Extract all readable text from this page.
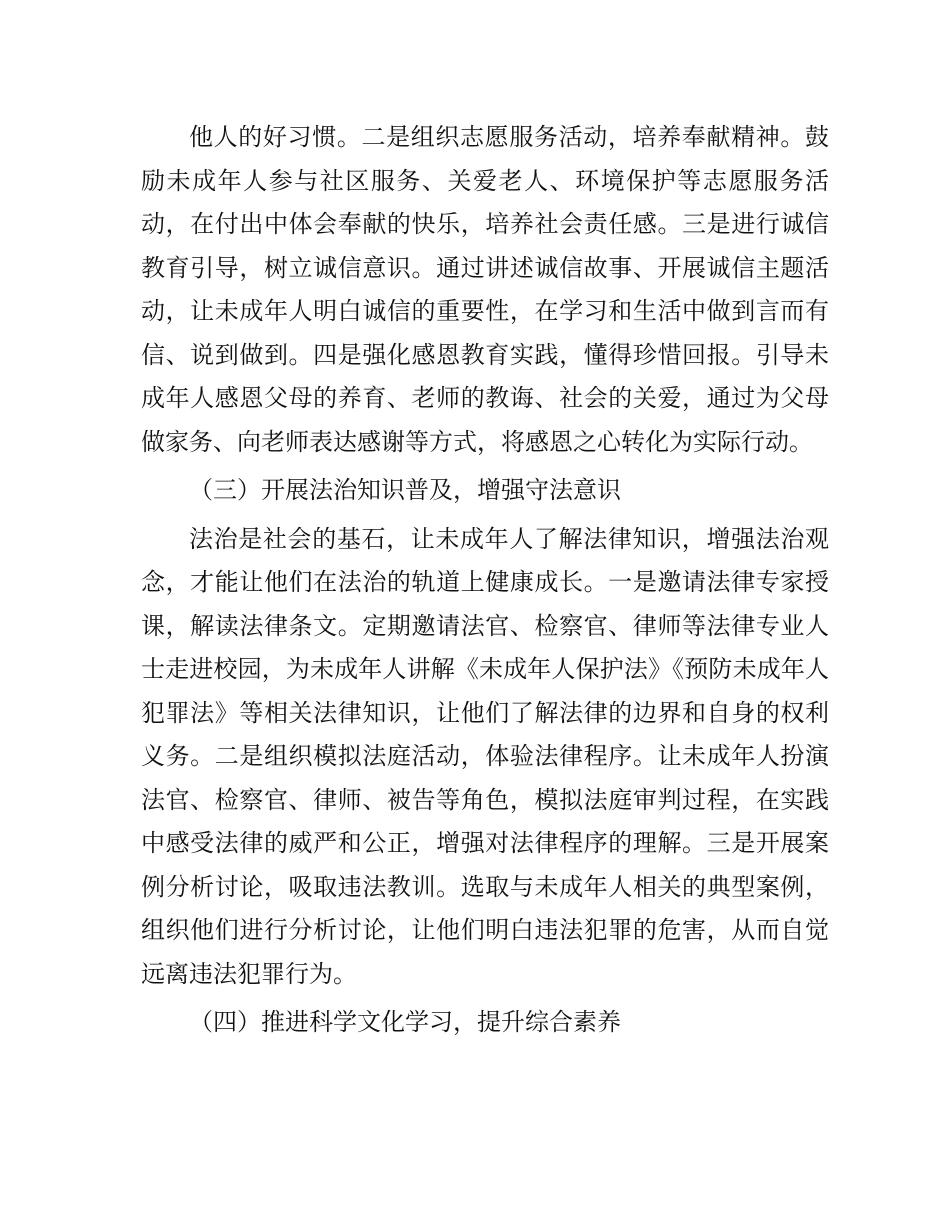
他人的好习惯。二是组织志愿服务活动，培养奉献精神。鼓励未成年人参与社区服务、关爱老人、环境保护等志愿服务活动，在付出中体会奉献的快乐，培养社会责任感。三是进行诚信教育引导，树立诚信意识。通过讲述诚信故事、开展诚信主题活动，让未成年人明白诚信的重要性，在学习和生活中做到言而有信、说到做到。四是强化感恩教育实践，懂得珍惜回报。引导未成年人感恩父母的养育、老师的教诲、社会的关爱，通过为父母做家务、向老师表达感谢等方式，将感恩之心转化为实际行动。

（三）开展法治知识普及，增强守法意识

法治是社会的基石，让未成年人了解法律知识，增强法治观念，才能让他们在法治的轨道上健康成长。一是邀请法律专家授课，解读法律条文。定期邀请法官、检察官、律师等法律专业人士走进校园，为未成年人讲解《未成年人保护法》《预防未成年人犯罪法》等相关法律知识，让他们了解法律的边界和自身的权利义务。二是组织模拟法庭活动，体验法律程序。让未成年人扮演法官、检察官、律师、被告等角色，模拟法庭审判过程，在实践中感受法律的威严和公正，增强对法律程序的理解。三是开展案例分析讨论，吸取违法教训。选取与未成年人相关的典型案例，组织他们进行分析讨论，让他们明白违法犯罪的危害，从而自觉远离违法犯罪行为。

（四）推进科学文化学习，提升综合素养
